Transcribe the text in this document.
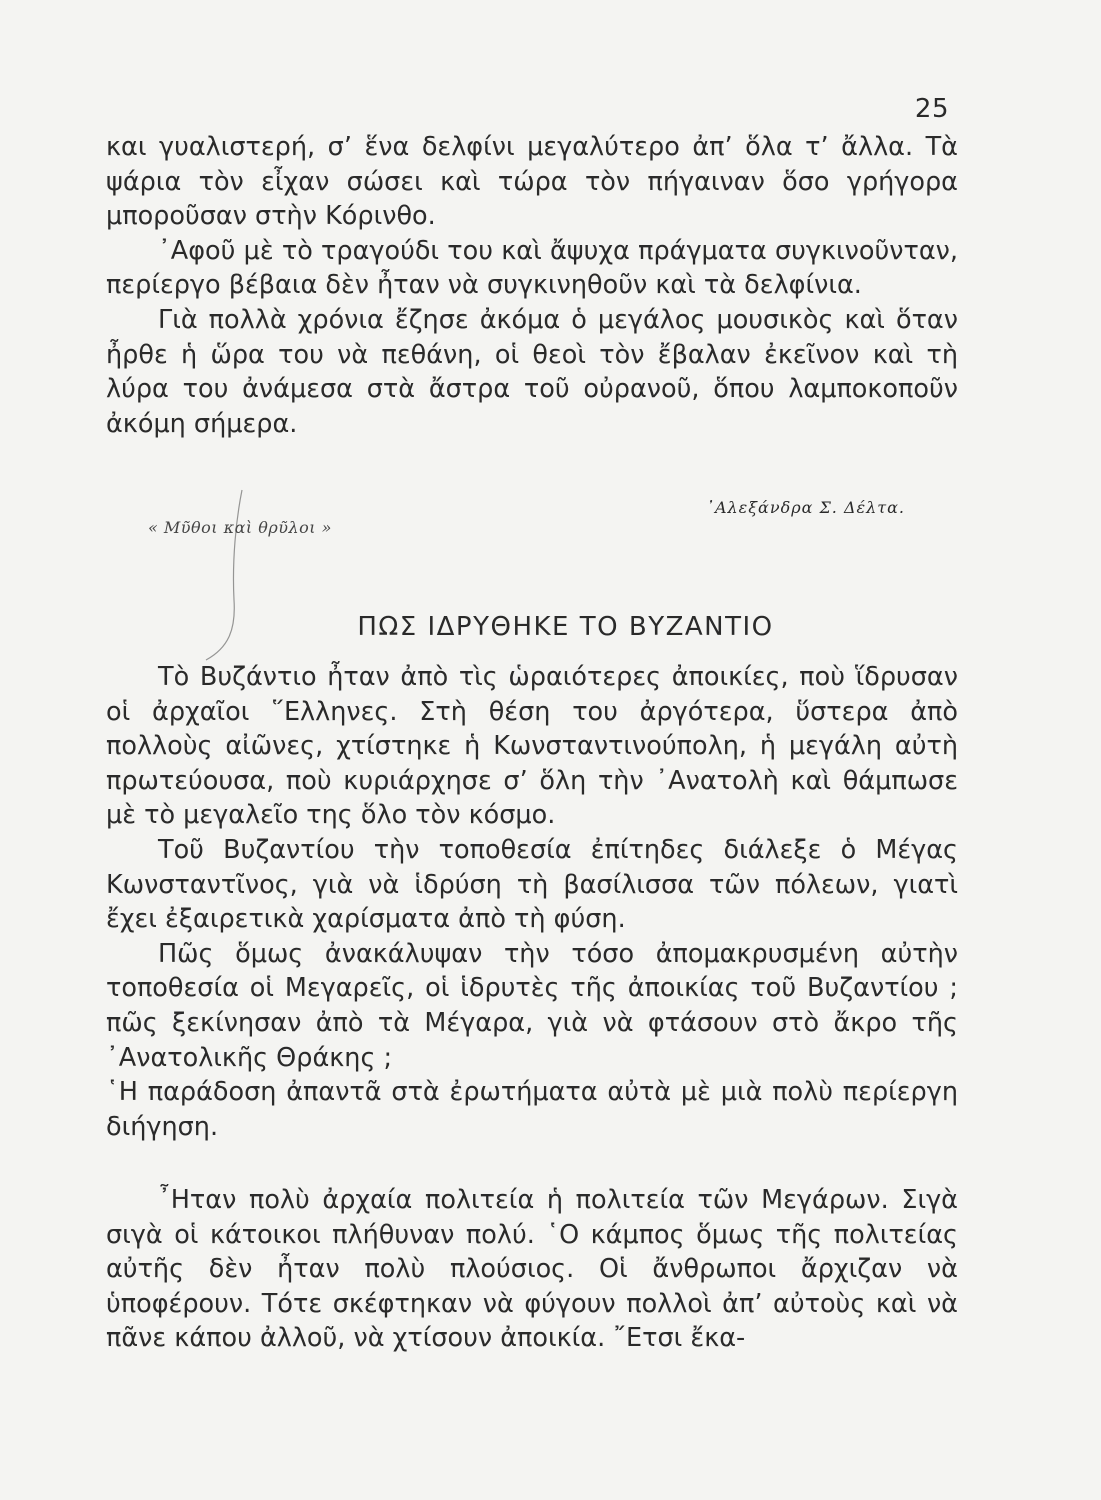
25

και γυαλιστερή, σ’ ἕνα δελφίνι μεγαλύτερο ἀπ’ ὅλα τ’ ἄλλα. Τὰ ψάρια τὸν εἶχαν σώσει καὶ τώρα τὸν πήγαιναν ὅσο γρήγορα μποροῦσαν στὴν Κόρινθο.

᾿Αφοῦ μὲ τὸ τραγούδι του καὶ ἄψυχα πράγματα συγκινοῦνταν, περίεργο βέβαια δὲν ἦταν νὰ συγκινηθοῦν καὶ τὰ δελφίνια.

Γιὰ πολλὰ χρόνια ἔζησε ἀκόμα ὁ μεγάλος μουσικὸς καὶ ὅταν ἦρθε ἡ ὥρα του νὰ πεθάνη, οἱ θεοὶ τὸν ἔβαλαν ἐκεῖνον καὶ τὴ λύρα του ἀνάμεσα στὰ ἄστρα τοῦ οὐρανοῦ, ὅπου λαμποκοποῦν ἀκόμη σήμερα.

᾿Αλεξάνδρα Σ. Δέλτα.
« Μῦθοι καὶ θρῦλοι »
ΠΩΣ ΙΔΡΥΘΗΚΕ ΤΟ ΒΥΖΑΝΤΙΟ

Τὸ Βυζάντιο ἦταν ἀπὸ τὶς ὡραιότερες ἀποικίες, ποὺ ἵδρυσαν οἱ ἀρχαῖοι ῞Ελληνες. Στὴ θέση του ἀργότερα, ὕστερα ἀπὸ πολλοὺς αἰῶνες, χτίστηκε ἡ Κωνσταντινούπολη, ἡ μεγάλη αὐτὴ πρωτεύουσα, ποὺ κυριάρχησε σ’ ὅλη τὴν ᾿Ανατολὴ καὶ θάμπωσε μὲ τὸ μεγαλεῖο της ὅλο τὸν κόσμο.

Τοῦ Βυζαντίου τὴν τοποθεσία ἐπίτηδες διάλεξε ὁ Μέγας Κωνσταντῖνος, γιὰ νὰ ἱδρύση τὴ βασίλισσα τῶν πόλεων, γιατὶ ἔχει ἐξαιρετικὰ χαρίσματα ἀπὸ τὴ φύση.

Πῶς ὅμως ἀνακάλυψαν τὴν τόσο ἀπομακρυσμένη αὐτὴν τοποθεσία οἱ Μεγαρεῖς, οἱ ἱδρυτὲς τῆς ἀποικίας τοῦ Βυζαντίου ; πῶς ξεκίνησαν ἀπὸ τὰ Μέγαρα, γιὰ νὰ φτάσουν στὸ ἄκρο τῆς ᾿Ανατολικῆς Θράκης ;

῾Η παράδοση ἀπαντᾶ στὰ ἐρωτήματα αὐτὰ μὲ μιὰ πολὺ περίεργη διήγηση.

῏Ηταν πολὺ ἀρχαία πολιτεία ἡ πολιτεία τῶν Μεγάρων. Σιγὰ σιγὰ οἱ κάτοικοι πλήθυναν πολύ. ῾Ο κάμπος ὅμως τῆς πολιτείας αὐτῆς δὲν ἦταν πολὺ πλούσιος. Οἱ ἄνθρωποι ἄρχιζαν νὰ ὑποφέρουν. Τότε σκέφτηκαν νὰ φύγουν πολλοὶ ἀπ’ αὐτοὺς καὶ νὰ πᾶνε κάπου ἀλλοῦ, νὰ χτίσουν ἀποικία. ῎Ετσι ἔκα-
